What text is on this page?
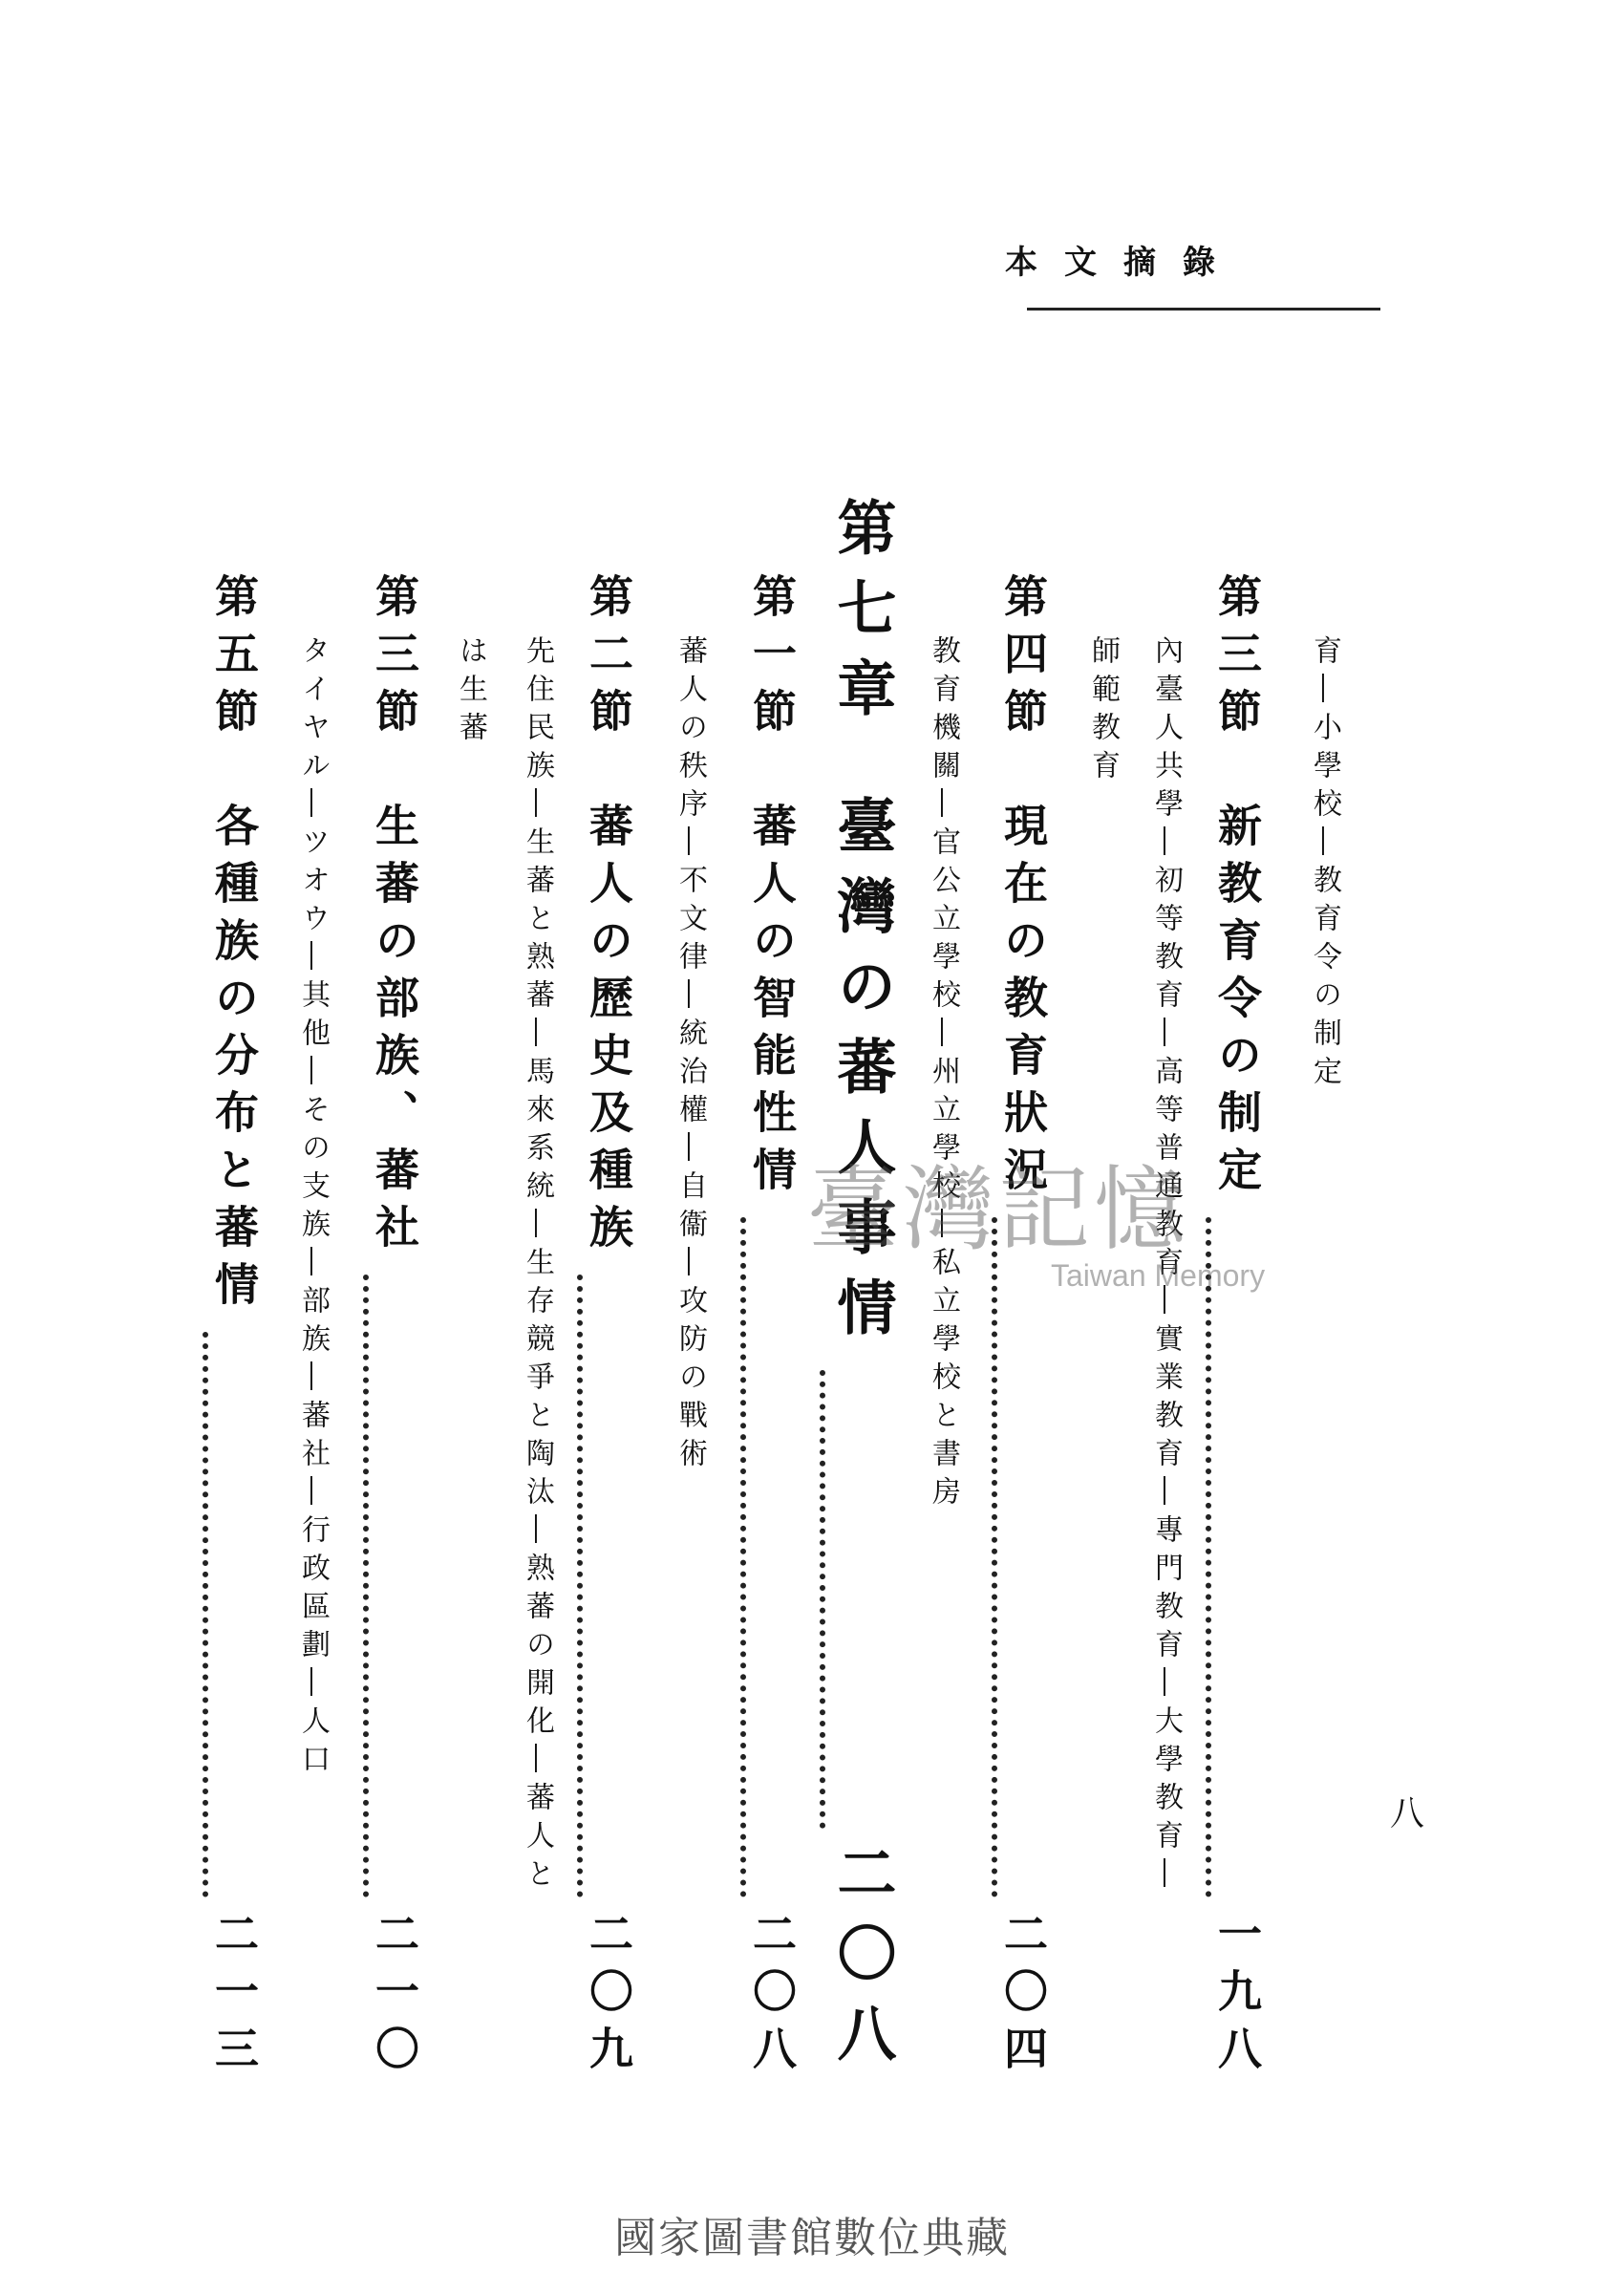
本文摘錄
育―小學校―教育令の制定
第三節
新教育令の制定
一九八
內臺人共學―初等教育―高等普通教育―實業教育―專門教育―大學教育―
師範教育
第四節
現在の教育狀況
二〇四
教育機關―官公立學校―州立學校―私立學校と書房
第七章
臺灣の蕃人事情
二〇八
第一節
蕃人の智能性情
二〇八
蕃人の秩序―不文律―統治權―自衞―攻防の戰術
第二節
蕃人の歷史及種族
二〇九
先住民族―生蕃と熟蕃―馬來系統―生存競爭と陶汰―熟蕃の開化―蕃人と
は生蕃
第三節
生蕃の部族、蕃社
二一〇
タイヤル―ツオウ―其他―その支族―部族―蕃社―行政區劃―人口
第五節
各種族の分布と蕃情
二一三
八
臺灣記憶
Taiwan Memory
國家圖書館數位典藏
